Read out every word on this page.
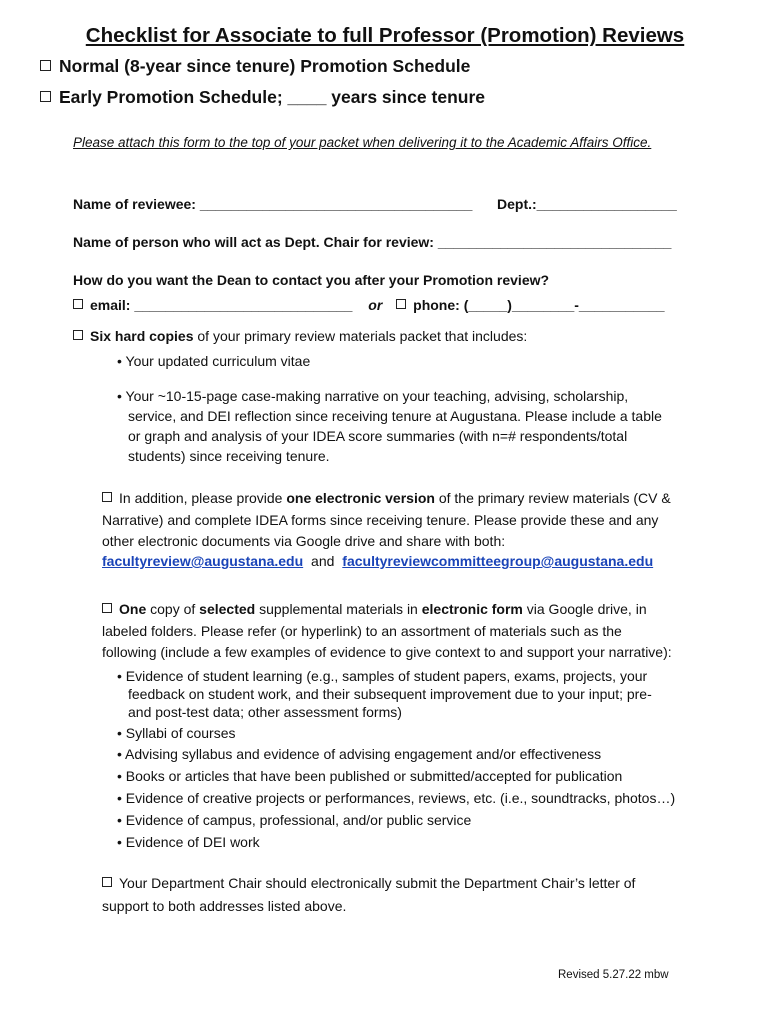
Checklist for Associate to full Professor (Promotion) Reviews
Normal (8-year since tenure) Promotion Schedule
Early Promotion Schedule; ____ years since tenure
Please attach this form to the top of your packet when delivering it to the Academic Affairs Office.
Name of reviewee: ___________________________________ Dept.:__________________
Name of person who will act as Dept. Chair for review: ______________________________
How do you want the Dean to contact you after your Promotion review?
email: ____________________________ or phone: (_____)________-___________
Six hard copies of your primary review materials packet that includes:
• Your updated curriculum vitae
• Your ~10-15-page case-making narrative on your teaching, advising, scholarship,
service, and DEI reflection since receiving tenure at Augustana. Please include a table
or graph and analysis of your IDEA score summaries (with n=# respondents/total
students) since receiving tenure.
In addition, please provide one electronic version of the primary review materials (CV &
Narrative) and complete IDEA forms since receiving tenure. Please provide these and any
other electronic documents via Google drive and share with both:
facultyreview@augustana.edu and facultyreviewcommitteegroup@augustana.edu
One copy of selected supplemental materials in electronic form via Google drive, in
labeled folders. Please refer (or hyperlink) to an assortment of materials such as the
following (include a few examples of evidence to give context to and support your narrative):
• Evidence of student learning (e.g., samples of student papers, exams, projects, your
feedback on student work, and their subsequent improvement due to your input; pre-
and post-test data; other assessment forms)
• Syllabi of courses
• Advising syllabus and evidence of advising engagement and/or effectiveness
• Books or articles that have been published or submitted/accepted for publication
• Evidence of creative projects or performances, reviews, etc. (i.e., soundtracks, photos…)
• Evidence of campus, professional, and/or public service
• Evidence of DEI work
Your Department Chair should electronically submit the Department Chair’s letter of
support to both addresses listed above.
Revised 5.27.22 mbw
